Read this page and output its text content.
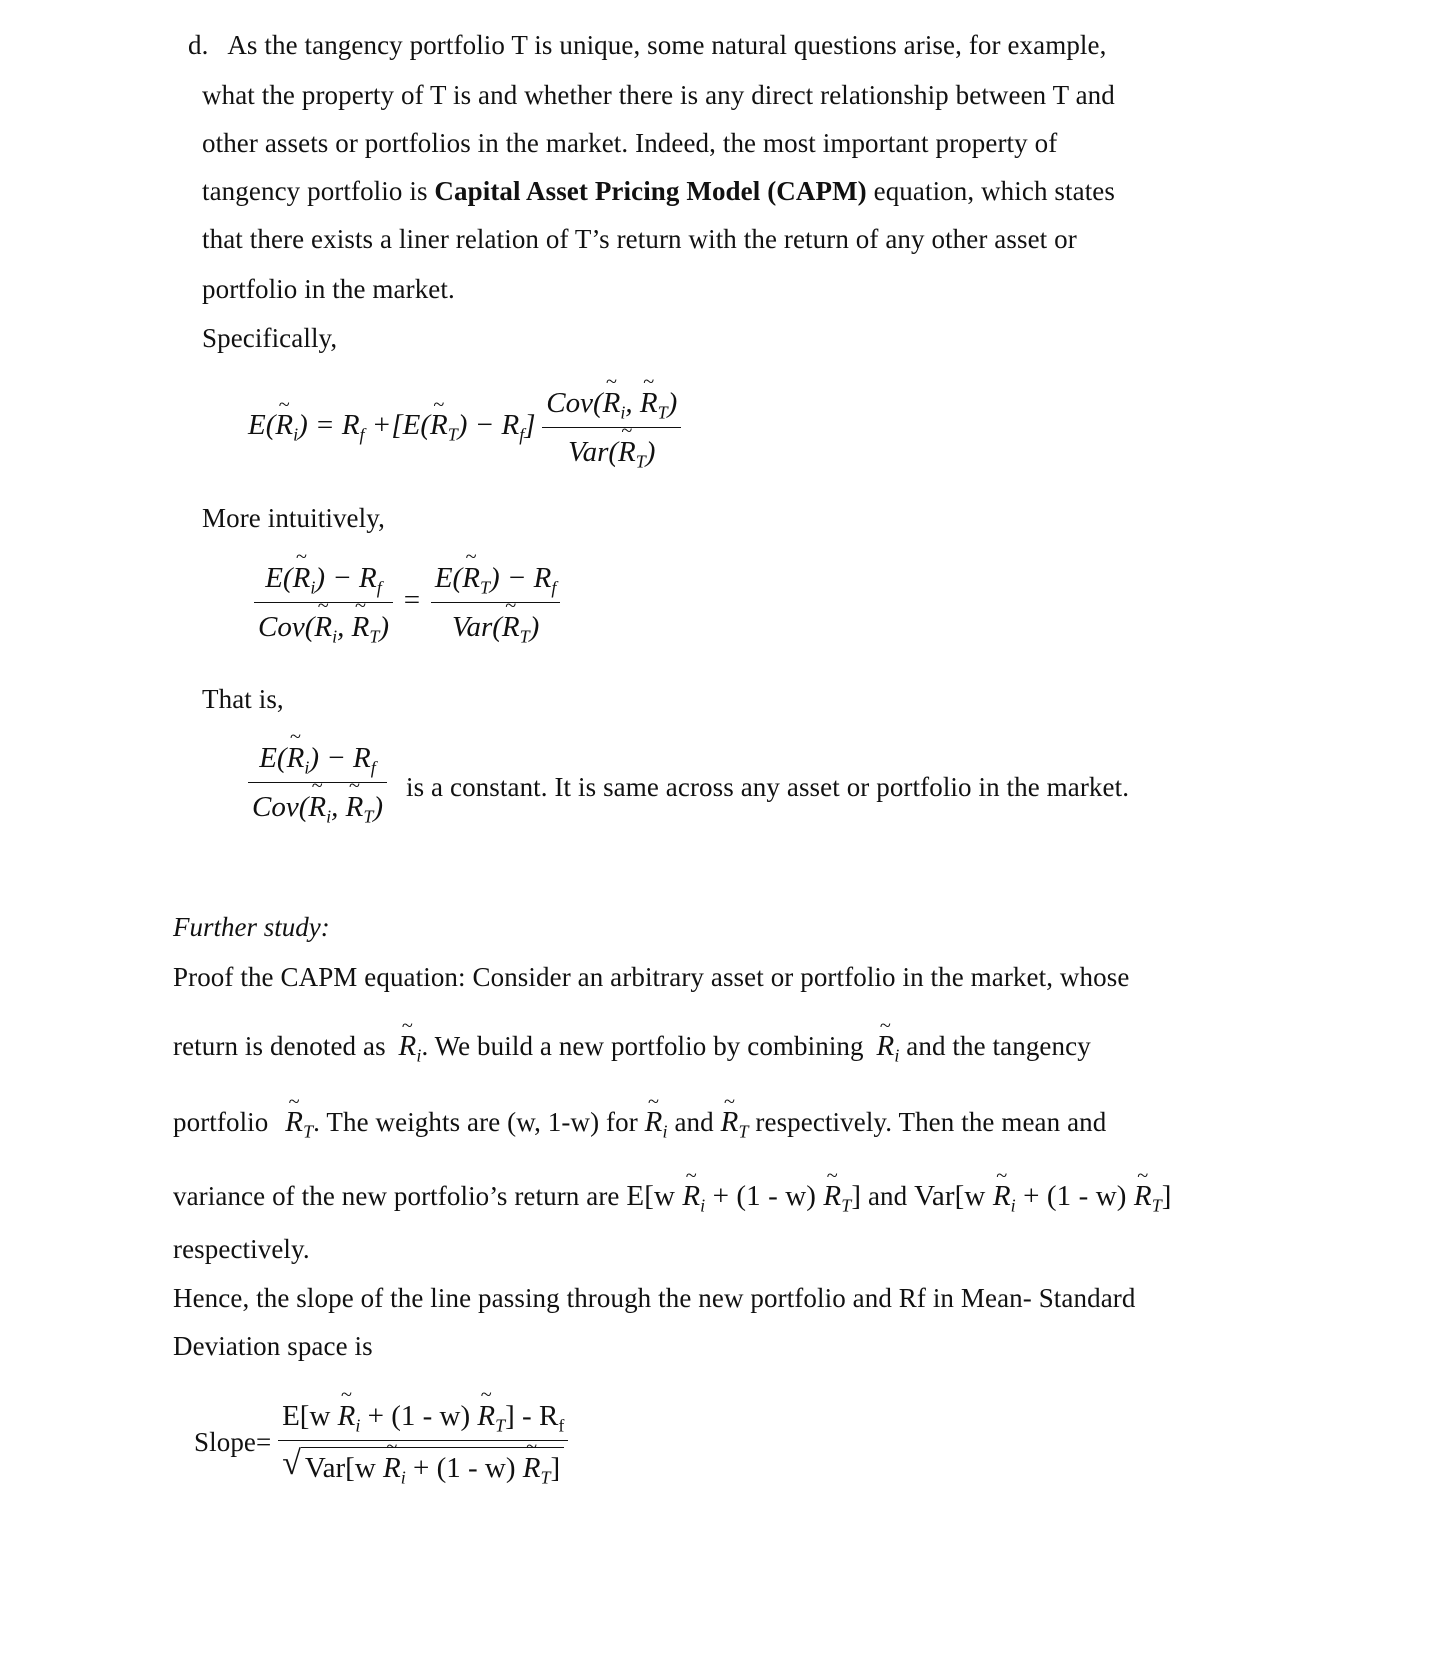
d. As the tangency portfolio T is unique, some natural questions arise, for example,
what the property of T is and whether there is any direct relationship between T and
other assets or portfolios in the market. Indeed, the most important property of
tangency portfolio is Capital Asset Pricing Model (CAPM) equation, which states
that there exists a liner relation of T’s return with the return of any other asset or
portfolio in the market.
Specifically,
E(~ $R_i) = R_f$ +[E(~ $R_T) - R_f] \frac{Cov(\sim R_i, \sim R_T)}{Var(\sim R_T)}$
More intuitively,
$\frac{E(\sim R_i) - R_f}{Cov(\sim R_i, \sim R_T)} = \frac{E(\sim R_T) - R_f}{Var(\sim R_T)}$
That is,
$\frac{E(\sim R_i) - R_f}{Cov(\sim R_i, \sim R_T)}$ is a constant. It is same across any asset or portfolio in the market.
Further study:
Proof the CAPM equation: Consider an arbitrary asset or portfolio in the market, whose
return is denoted as ~ $R_i$. We build a new portfolio by combining ~ $R_i$ and the tangency
portfolio ~ $R_T$. The weights are (w, 1-w) for ~ $R_i$ and ~ $R_T$ respectively. Then the mean and
variance of the new portfolio’s return are E[w ~ $R_i + (1 - w)$ ~ $R_T$] and Var[w ~ $R_i + (1 - w)$ ~ $R_T$]
respectively.
Hence, the slope of the line passing through the new portfolio and Rf in Mean- Standard
Deviation space is
Slope= $\frac{E[w \sim R_i + (1 - w) \sim R_T] - R_f}{√ Var[w \sim R_i + (1 - w) \sim R_T]}$
